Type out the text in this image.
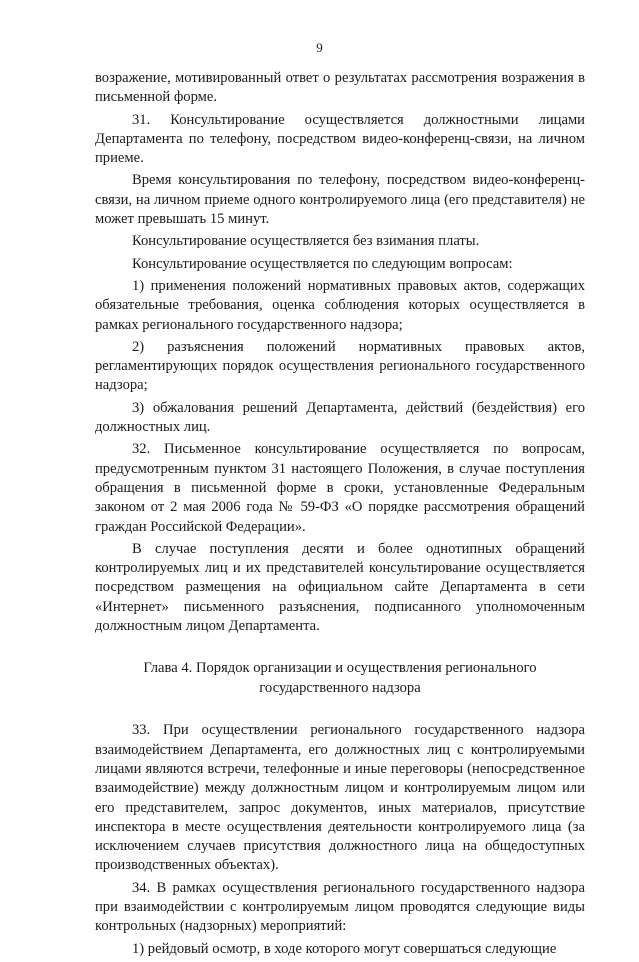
9

возражение, мотивированный ответ о результатах рассмотрения возражения в письменной форме.

31. Консультирование осуществляется должностными лицами Департамента по телефону, посредством видео-конференц-связи, на личном приеме.

Время консультирования по телефону, посредством видео-конференц-связи, на личном приеме одного контролируемого лица (его представителя) не может превышать 15 минут.

Консультирование осуществляется без взимания платы.

Консультирование осуществляется по следующим вопросам:

1) применения положений нормативных правовых актов, содержащих обязательные требования, оценка соблюдения которых осуществляется в рамках регионального государственного надзора;

2) разъяснения положений нормативных правовых актов, регламентирующих порядок осуществления регионального государственного надзора;

3) обжалования решений Департамента, действий (бездействия) его должностных лиц.

32. Письменное консультирование осуществляется по вопросам, предусмотренным пунктом 31 настоящего Положения, в случае поступления обращения в письменной форме в сроки, установленные Федеральным законом от 2 мая 2006 года № 59-ФЗ «О порядке рассмотрения обращений граждан Российской Федерации».

В случае поступления десяти и более однотипных обращений контролируемых лиц и их представителей консультирование осуществляется посредством размещения на официальном сайте Департамента в сети «Интернет» письменного разъяснения, подписанного уполномоченным должностным лицом Департамента.

Глава 4. Порядок организации и осуществления регионального
государственного надзора

33. При осуществлении регионального государственного надзора взаимодействием Департамента, его должностных лиц с контролируемыми лицами являются встречи, телефонные и иные переговоры (непосредственное взаимодействие) между должностным лицом и контролируемым лицом или его представителем, запрос документов, иных материалов, присутствие инспектора в месте осуществления деятельности контролируемого лица (за исключением случаев присутствия должностного лица на общедоступных производственных объектах).

34. В рамках осуществления регионального государственного надзора при взаимодействии с контролируемым лицом проводятся следующие виды контрольных (надзорных) мероприятий:

1) рейдовый осмотр, в ходе которого могут совершаться следующие
